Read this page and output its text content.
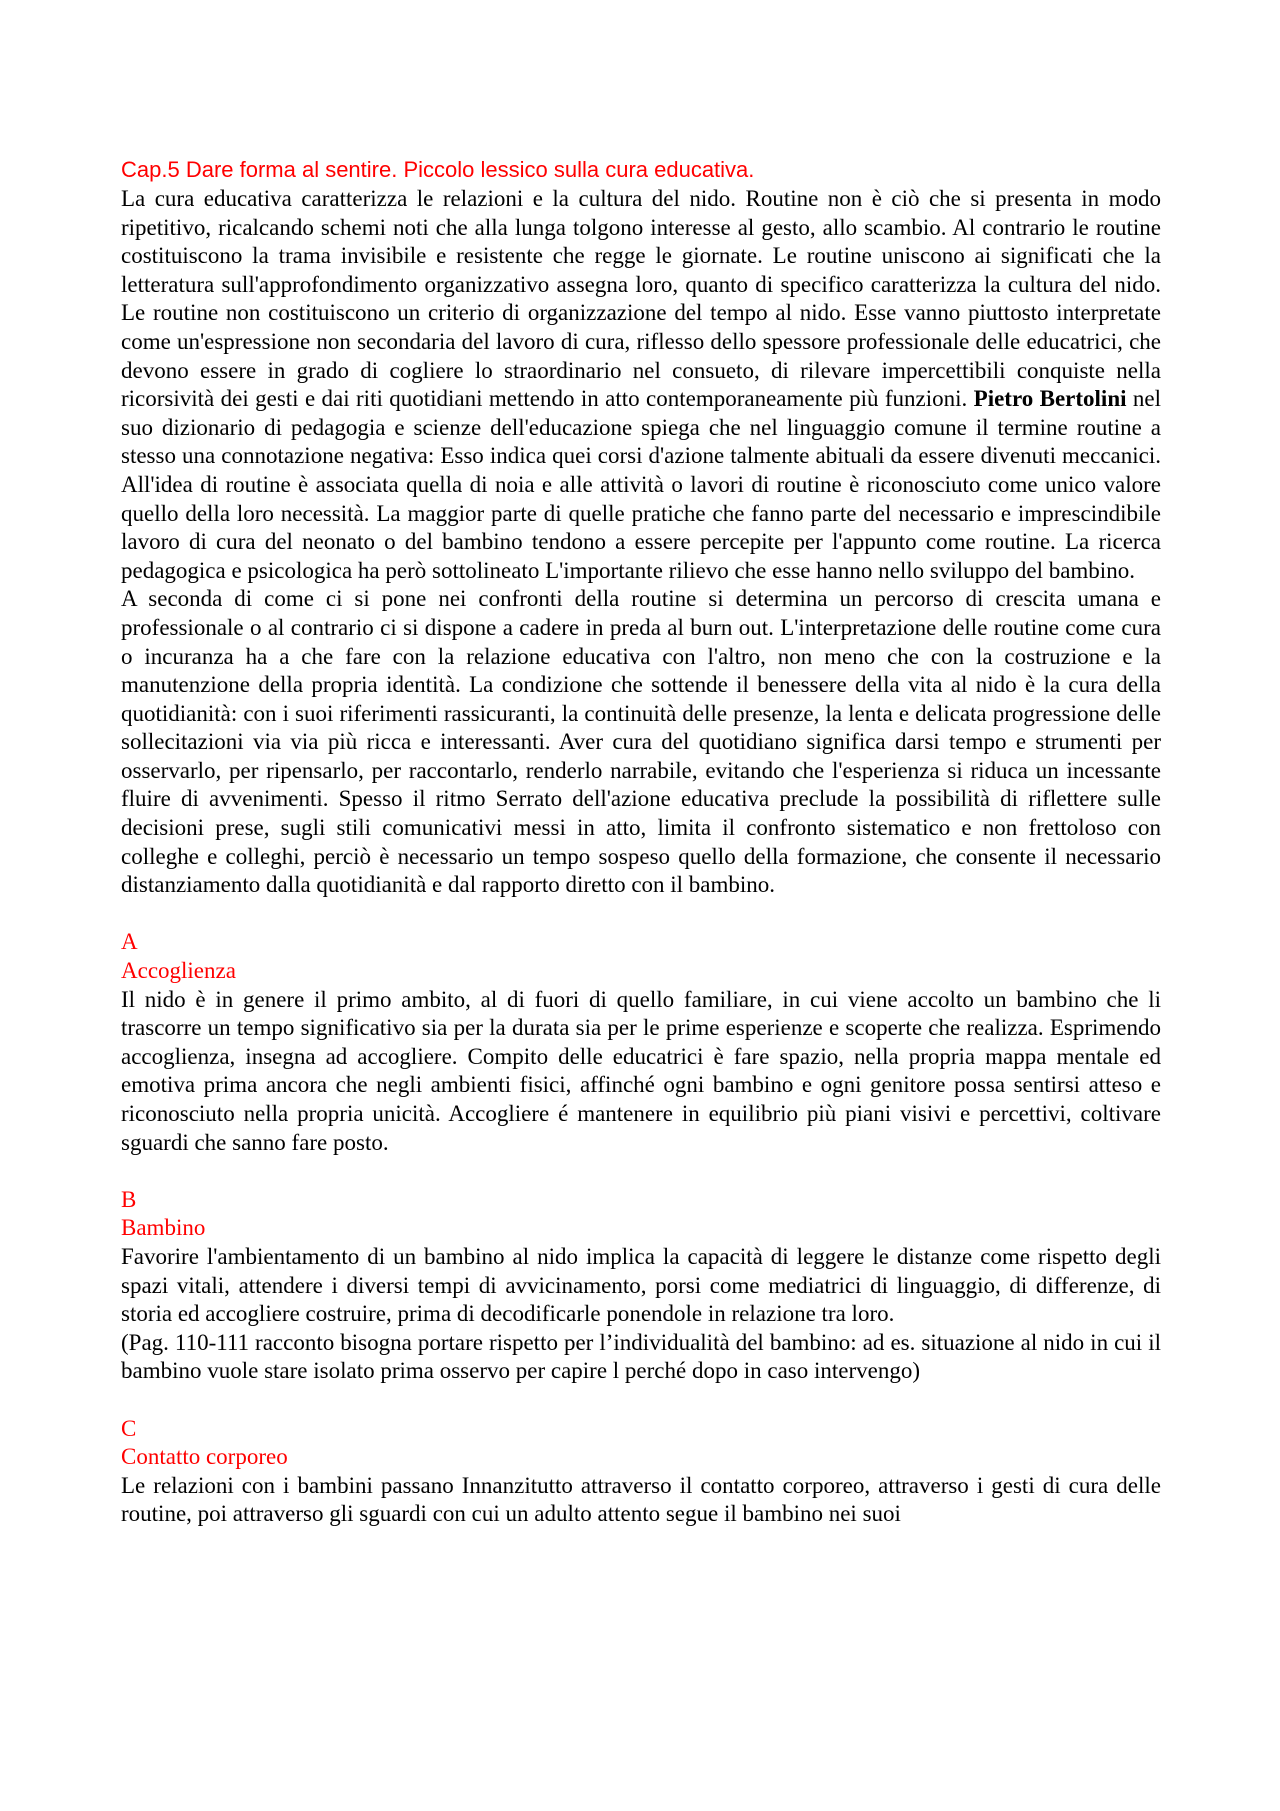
Cap.5 Dare forma al sentire. Piccolo lessico sulla cura educativa.

La cura educativa caratterizza le relazioni e la cultura del nido. Routine non è ciò che si presenta in modo ripetitivo, ricalcando schemi noti che alla lunga tolgono interesse al gesto, allo scambio. Al contrario le routine costituiscono la trama invisibile e resistente che regge le giornate. Le routine uniscono ai significati che la letteratura sull'approfondimento organizzativo assegna loro, quanto di specifico caratterizza la cultura del nido. Le routine non costituiscono un criterio di organizzazione del tempo al nido. Esse vanno piuttosto interpretate come un'espressione non secondaria del lavoro di cura, riflesso dello spessore professionale delle educatrici, che devono essere in grado di cogliere lo straordinario nel consueto, di rilevare impercettibili conquiste nella ricorsività dei gesti e dai riti quotidiani mettendo in atto contemporaneamente più funzioni. Pietro Bertolini nel suo dizionario di pedagogia e scienze dell'educazione spiega che nel linguaggio comune il termine routine a stesso una connotazione negativa: Esso indica quei corsi d'azione talmente abituali da essere divenuti meccanici. All'idea di routine è associata quella di noia e alle attività o lavori di routine è riconosciuto come unico valore quello della loro necessità. La maggior parte di quelle pratiche che fanno parte del necessario e imprescindibile lavoro di cura del neonato o del bambino tendono a essere percepite per l'appunto come routine. La ricerca pedagogica e psicologica ha però sottolineato L'importante rilievo che esse hanno nello sviluppo del bambino.

A seconda di come ci si pone nei confronti della routine si determina un percorso di crescita umana e professionale o al contrario ci si dispone a cadere in preda al burn out. L'interpretazione delle routine come cura o incuranza ha a che fare con la relazione educativa con l'altro, non meno che con la costruzione e la manutenzione della propria identità. La condizione che sottende il benessere della vita al nido è la cura della quotidianità: con i suoi riferimenti rassicuranti, la continuità delle presenze, la lenta e delicata progressione delle sollecitazioni via via più ricca e interessanti. Aver cura del quotidiano significa darsi tempo e strumenti per osservarlo, per ripensarlo, per raccontarlo, renderlo narrabile, evitando che l'esperienza si riduca un incessante fluire di avvenimenti. Spesso il ritmo Serrato dell'azione educativa preclude la possibilità di riflettere sulle decisioni prese, sugli stili comunicativi messi in atto, limita il confronto sistematico e non frettoloso con colleghe e colleghi, perciò è necessario un tempo sospeso quello della formazione, che consente il necessario distanziamento dalla quotidianità e dal rapporto diretto con il bambino.

A

Accoglienza

Il nido è in genere il primo ambito, al di fuori di quello familiare, in cui viene accolto un bambino che li trascorre un tempo significativo sia per la durata sia per le prime esperienze e scoperte che realizza. Esprimendo accoglienza, insegna ad accogliere. Compito delle educatrici è fare spazio, nella propria mappa mentale ed emotiva prima ancora che negli ambienti fisici, affinché ogni bambino e ogni genitore possa sentirsi atteso e riconosciuto nella propria unicità. Accogliere é mantenere in equilibrio più piani visivi e percettivi, coltivare sguardi che sanno fare posto.

B

Bambino

Favorire l'ambientamento di un bambino al nido implica la capacità di leggere le distanze come rispetto degli spazi vitali, attendere i diversi tempi di avvicinamento, porsi come mediatrici di linguaggio, di differenze, di storia ed accogliere costruire, prima di decodificarle ponendole in relazione tra loro.

(Pag. 110-111 racconto bisogna portare rispetto per l’individualità del bambino: ad es. situazione al nido in cui il bambino vuole stare isolato prima osservo per capire l perché dopo in caso intervengo)

C

Contatto corporeo

Le relazioni con i bambini passano Innanzitutto attraverso il contatto corporeo, attraverso i gesti di cura delle routine, poi attraverso gli sguardi con cui un adulto attento segue il bambino nei suoi
